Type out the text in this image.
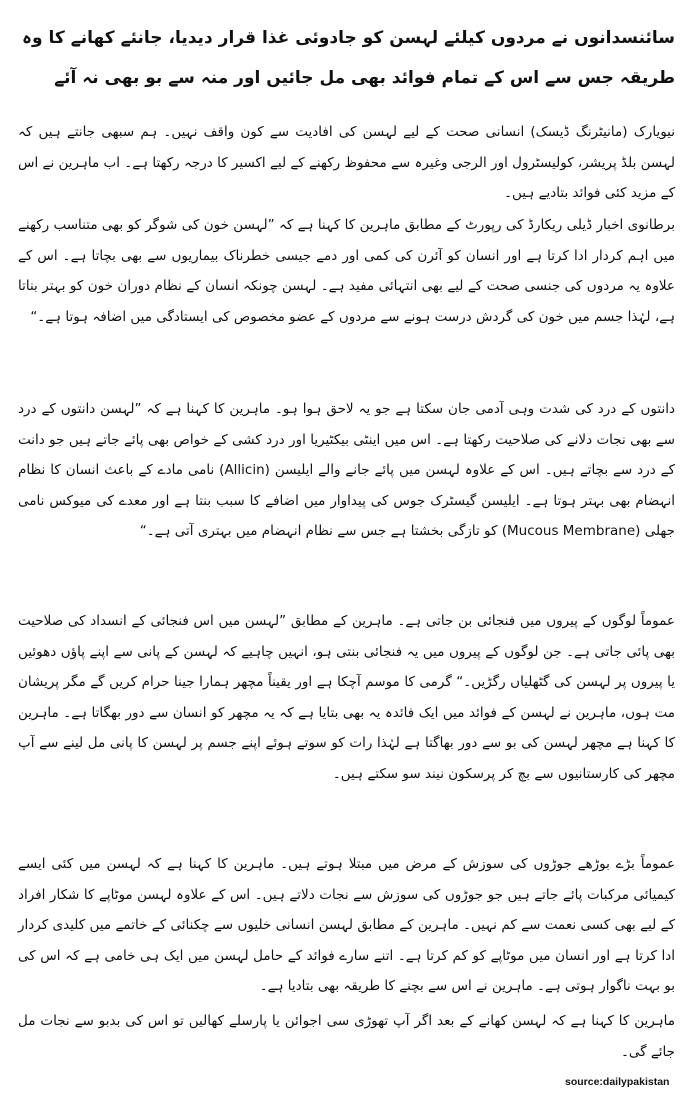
سائنسدانوں نے مردوں کیلئے لہسن کو جادوئی غذا قرار دیدیا، جانئے کھانے کا وہ طریقہ جس سے اس کے تمام فوائد بھی مل جائیں اور منہ سے بو بھی نہ آئے
نیویارک (مانیٹرنگ ڈیسک) انسانی صحت کے لیے لہسن کی افادیت سے کون واقف نہیں۔ ہم سبھی جانتے ہیں کہ لہسن بلڈ پریشر، کولیسٹرول اور الرجی وغیرہ سے محفوظ رکھنے کے لیے اکسیر کا درجہ رکھتا ہے۔ اب ماہرین نے اس کے مزید کئی فوائد بتادیے ہیں۔
برطانوی اخبار ڈیلی ریکارڈ کی رپورٹ کے مطابق ماہرین کا کہنا ہے کہ ”لہسن خون کی شوگر کو بھی متناسب رکھنے میں اہم کردار ادا کرتا ہے اور انسان کو آئرن کی کمی اور دمے جیسی خطرناک بیماریوں سے بھی بچاتا ہے۔ اس کے علاوہ یہ مردوں کی جنسی صحت کے لیے بھی انتہائی مفید ہے۔ لہسن چونکہ انسان کے نظام دوران خون کو بہتر بناتا ہے، لہٰذا جسم میں خون کی گردش درست ہونے سے مردوں کے عضو مخصوص کی ایستادگی میں اضافہ ہوتا ہے۔“
دانتوں کے درد کی شدت وہی آدمی جان سکتا ہے جو یہ لاحق ہوا ہو۔ ماہرین کا کہنا ہے کہ ”لہسن دانتوں کے درد سے بھی نجات دلانے کی صلاحیت رکھتا ہے۔ اس میں اینٹی بیکٹیریا اور درد کشی کے خواص بھی پائے جاتے ہیں جو دانت کے درد سے بچاتے ہیں۔ اس کے علاوہ لہسن میں پائے جانے والے ایلیسن (Allicin) نامی مادے کے باعث انسان کا نظام انہضام بھی بہتر ہوتا ہے۔ ایلیسن گیسٹرک جوس کی پیداوار میں اضافے کا سبب بنتا ہے اور معدے کی میوکس نامی جھلی (Mucous Membrane) کو تازگی بخشتا ہے جس سے نظام انہضام میں بہتری آتی ہے۔“
عموماً لوگوں کے پیروں میں فنجائی بن جاتی ہے۔ ماہرین کے مطابق ”لہسن میں اس فنجائی کے انسداد کی صلاحیت بھی پائی جاتی ہے۔ جن لوگوں کے پیروں میں یہ فنجائی بنتی ہو، انہیں چاہیے کہ لہسن کے پانی سے اپنے پاؤں دھوئیں یا پیروں پر لہسن کی گٹھلیاں رگڑیں۔“ گرمی کا موسم آچکا ہے اور یقیناً مچھر ہمارا جینا حرام کریں گے مگر پریشان مت ہوں، ماہرین نے لہسن کے فوائد میں ایک فائدہ یہ بھی بتایا ہے کہ یہ مچھر کو انسان سے دور بھگاتا ہے۔ ماہرین کا کہنا ہے مچھر لہسن کی بو سے دور بھاگتا ہے لہٰذا رات کو سوتے ہوئے اپنے جسم پر لہسن کا پانی مل لینے سے آپ مچھر کی کارستانیوں سے بچ کر پرسکون نیند سو سکتے ہیں۔
عموماً بڑے بوڑھے جوڑوں کی سوزش کے مرض میں مبتلا ہوتے ہیں۔ ماہرین کا کہنا ہے کہ لہسن میں کئی ایسے کیمیائی مرکبات پائے جاتے ہیں جو جوڑوں کی سوزش سے نجات دلاتے ہیں۔ اس کے علاوہ لہسن موٹاپے کا شکار افراد کے لیے بھی کسی نعمت سے کم نہیں۔ ماہرین کے مطابق لہسن انسانی خلیوں سے چکنائی کے خاتمے میں کلیدی کردار ادا کرتا ہے اور انسان میں موٹاپے کو کم کرتا ہے۔ اتنے سارے فوائد کے حامل لہسن میں ایک ہی خامی ہے کہ اس کی بو بہت ناگوار ہوتی ہے۔ ماہرین نے اس سے بچنے کا طریقہ بھی بتادیا ہے۔
ماہرین کا کہنا ہے کہ لہسن کھانے کے بعد اگر آپ تھوڑی سی اجوائن یا پارسلے کھالیں تو اس کی بدبو سے نجات مل جائے گی۔
source:dailypakistan
